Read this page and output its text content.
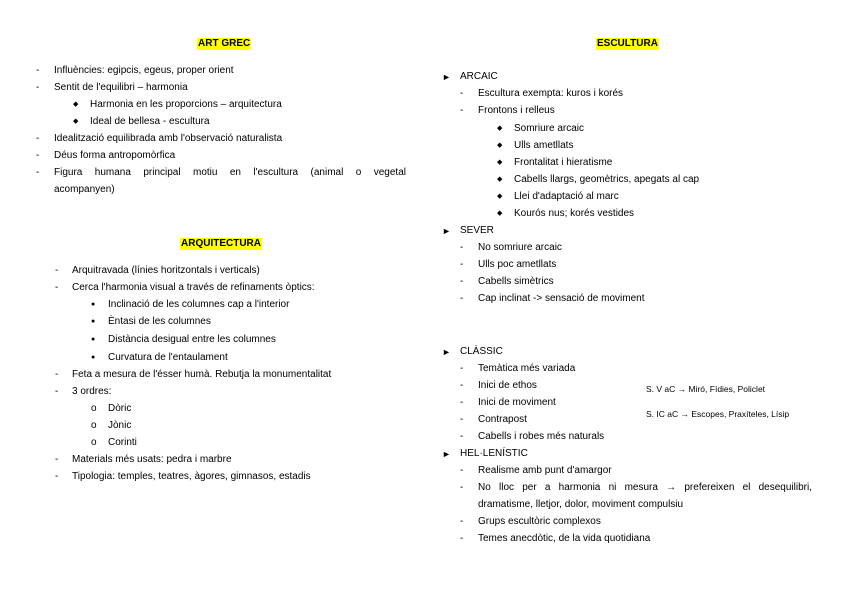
ART GREC
- Influències: egipcis, egeus, proper orient
- Sentit de l'equilibri – harmonia
◆ Harmonia en les proporcions – arquitectura
◆ Ideal de bellesa - escultura
- Idealització equilibrada amb l'observació naturalista
- Déus forma antropomòrfica
- Figura humana principal motiu en l'escultura (animal o vegetal
acompanyen)
ARQUITECTURA
- Arquitravada (línies horitzontals i verticals)
- Cerca l'harmonia visual a través de refinaments òptics:
● Inclinació de les columnes cap a l'interior
● Èntasi de les columnes
● Distància desigual entre les columnes
● Curvatura de l'entaulament
- Feta a mesura de l'ésser humà. Rebutja la monumentalitat
- 3 ordres:
o Dòric
o Jònic
o Corinti
- Materials més usats: pedra i marbre
- Tipologia: temples, teatres, àgores, gimnasos, estadis
ESCULTURA
► ARCAIC
- Escultura exempta: kuros i korés
- Frontons i relleus
◆ Somriure arcaic
◆ Ulls ametllats
◆ Frontalitat i hieratisme
◆ Cabells llargs, geomètrics, apegats al cap
◆ Llei d'adaptació al marc
◆ Kourós nus; korés vestides
► SEVER
- No somriure arcaic
- Ulls poc ametllats
- Cabells simètrics
- Cap inclinat -> sensació de moviment
► CLÀSSIC
- Temàtica més variada
- Inici de ethos
- Inici de moviment
- Contrapost
- Cabells i robes més naturals
S. V aC → Miró, Fídies, Policlet
S. IC aC → Escopes, Praxíteles, Lísip
► HEL·LENÍSTIC
- Realisme amb punt d'amargor
- No lloc per a harmonia ni mesura → prefereixen el desequilibri,
dramatisme, lletjor, dolor, moviment compulsiu
- Grups escultòric complexos
- Temes anecdòtic, de la vida quotidiana
